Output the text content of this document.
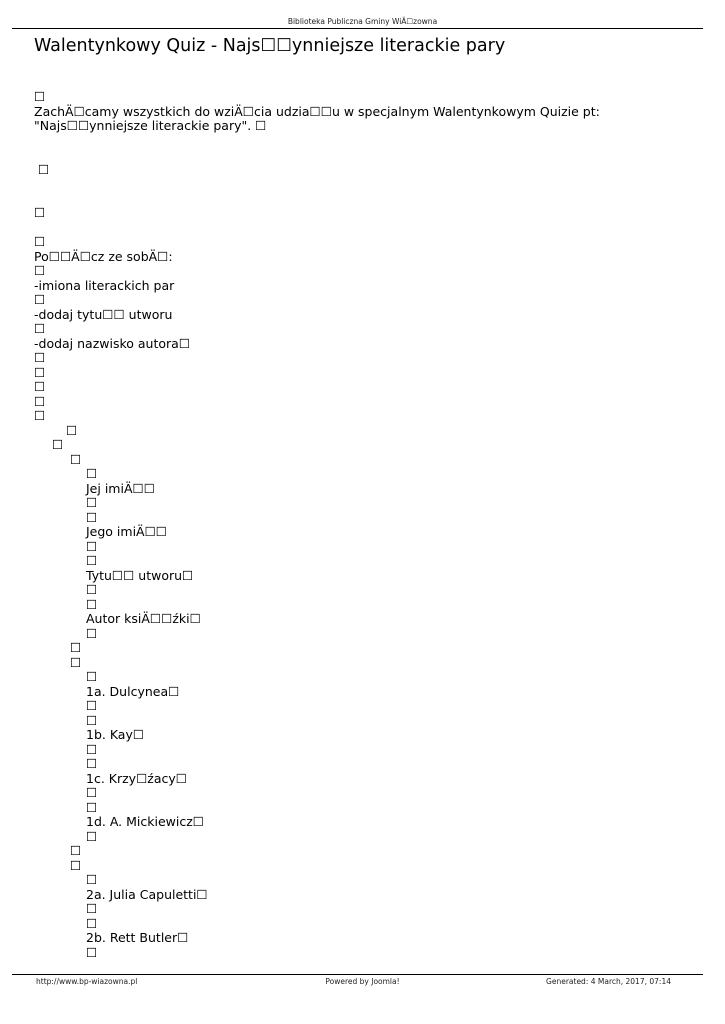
Biblioteka Publiczna Gminy WiÄ☐zowna
Walentynkowy Quiz - Najs☐☐ynniejsze literackie pary
☐
ZachÄ☐camy wszystkich do wziÄ☐cia udzia☐☐u w specjalnym Walentynkowym Quizie pt:
"Najs☐☐ynniejsze literackie pary". ☐
☐
☐
☐
Po☐☐Ä☐cz ze sobÄ☐:
☐
-imiona literackich par
☐
-dodaj tytu☐☐ utworu
☐
-dodaj nazwisko autora☐
☐
☐
☐
☐
☐
☐
☐
☐
☐
Jej imiÄ☐☐
☐
☐
Jego imiÄ☐☐
☐
☐
Tytu☐☐ utworu☐
☐
☐
Autor ksiÄ☐☐źki☐
☐
☐
☐
☐
1a. Dulcynea☐
☐
☐
1b. Kay☐
☐
☐
1c. Krzy☐źacy☐
☐
☐
1d. A. Mickiewicz☐
☐
☐
☐
☐
2a. Julia Capuletti☐
☐
☐
2b. Rett Butler☐
☐
http://www.bp-wiazowna.pl	Powered by Joomla!	Generated: 4 March, 2017, 07:14
